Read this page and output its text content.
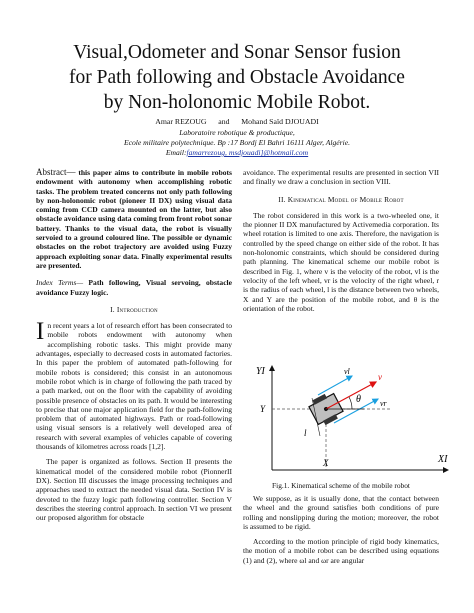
Visual,Odometer and Sonar Sensor fusion
for Path following and Obstacle Avoidance
by Non-holonomic Mobile Robot.
Amar REZOUG and Mohand Saïd DJOUADI
Laboratoire robotique & productique,
Ecole militaire polytechnique. Bp :17 Bordj El Bahri 16111 Alger, Algérie.
Email:famarrezoug, msdjouadi]@hotmail.com

Abstract— this paper aims to contribute in mobile robots endowment with autonomy when accomplishing robotic tasks. The problem treated concerns not only path following by non-holonomic robot (pioneer II DX) using visual data coming from CCD camera mounted on the latter, but also obstacle avoidance using data coming from front robot sonar battery. Thanks to the visual data, the robot is visually servoied to a ground coloured line. The possible or dynamic obstacles on the robot trajectory are avoided using Fuzzy approach exploiting sonar data. Finally experimental results are presented.

Index Terms— Path following, Visual servoing, obstacle avoidance Fuzzy logic.

I. Introduction

In recent years a lot of research effort has been consecrated to mobile robots endowment with autonomy when accomplishing robotic tasks. This might provide many advantages, especially to decreased costs in automated factories. In this paper the problem of automated path-following for mobile robots is considered; this consist in an autonomous mobile robot which is in charge of following the path traced by a path marked, out on the floor with the capability of avoiding possible presence of obstacles on its path. It would be interesting to precise that one major application field for the path-following problem that of automated highways. Path or road-following using visual sensors is a relatively well developed area of research with several examples of vehicles capable of covering thousands of kilometres across roads [1,2].

The paper is organized as follows. Section II presents the kinematical model of the considered mobile robot (PionnerII DX). Section III discusses the image processing techniques and approaches used to extract the needed visual data. Section IV is devoted to the fuzzy logic path following controller. Section V describes the steering control approach. In section VI we present our proposed algorithm for obstacle

avoidance. The experimental results are presented in section VII and finally we draw a conclusion in section VIII.

II. Kinematical Model of Mobile Robot

The robot considered in this work is a two-wheeled one, it the pionner II DX manufactured by Activemedia corporation. Its wheel rotation is limited to one axis. Therefore, the navigation is controlled by the speed change on either side of the robot. It has non-holonomic constraints, which should be considered during path planning. The kinematical scheme our mobile robot is described in Fig. 1, where v is the velocity of the robot, vl is the velocity of the left wheel, vr is the velocity of the right wheel, r is the radius of each wheel, l is the distance between two wheels, X and Y are the position of the mobile robot, and θ is the orientation of the robot.

YI
XI
Y
X
l
θ
v
vl
vr
Fig.1. Kinematical scheme of the mobile robot

We suppose, as it is usually done, that the contact between the wheel and the ground satisfies both conditions of pure rolling and nonslipping during the motion; moreover, the robot is assumed to be rigid.

According to the motion principle of rigid body kinematics, the motion of a mobile robot can be described using equations (1) and (2), where ωl and ωr are angular
